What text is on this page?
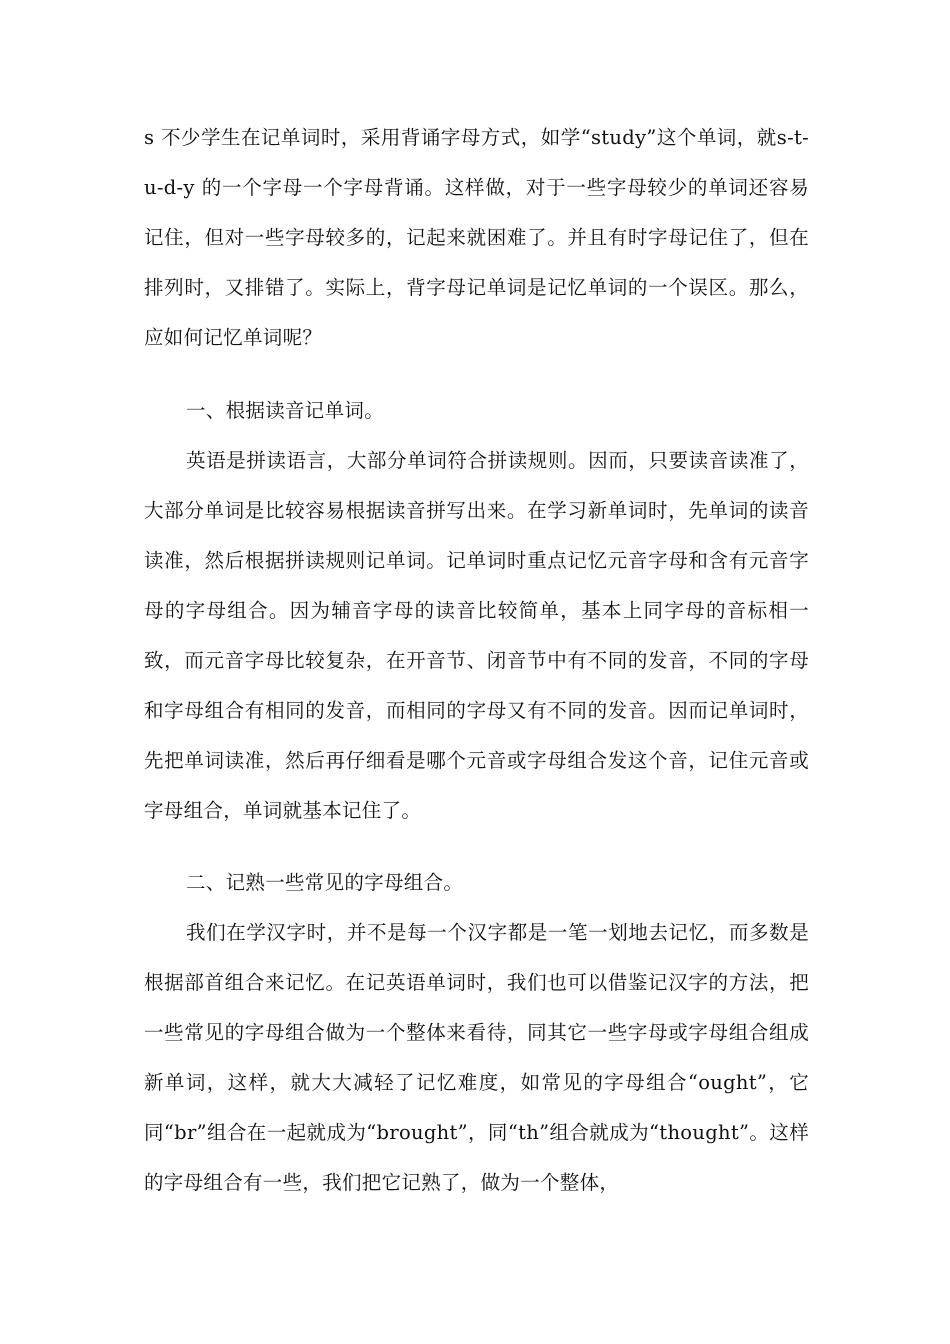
s 不少学生在记单词时，采用背诵字母方式，如学“study”这个单词，就s-t-u-d-y 的一个字母一个字母背诵。这样做，对于一些字母较少的单词还容易记住，但对一些字母较多的，记起来就困难了。并且有时字母记住了，但在排列时，又排错了。实际上，背字母记单词是记忆单词的一个误区。那么，应如何记忆单词呢？

一、根据读音记单词。

英语是拼读语言，大部分单词符合拼读规则。因而，只要读音读准了，大部分单词是比较容易根据读音拼写出来。在学习新单词时，先单词的读音读准，然后根据拼读规则记单词。记单词时重点记忆元音字母和含有元音字母的字母组合。因为辅音字母的读音比较简单，基本上同字母的音标相一致，而元音字母比较复杂，在开音节、闭音节中有不同的发音，不同的字母和字母组合有相同的发音，而相同的字母又有不同的发音。因而记单词时，先把单词读准，然后再仔细看是哪个元音或字母组合发这个音，记住元音或字母组合，单词就基本记住了。

二、记熟一些常见的字母组合。

我们在学汉字时，并不是每一个汉字都是一笔一划地去记忆，而多数是根据部首组合来记忆。在记英语单词时，我们也可以借鉴记汉字的方法，把一些常见的字母组合做为一个整体来看待，同其它一些字母或字母组合组成新单词，这样，就大大减轻了记忆难度，如常见的字母组合“ought”，它同“br”组合在一起就成为“brought”，同“th”组合就成为“thought”。这样的字母组合有一些，我们把它记熟了，做为一个整体，
